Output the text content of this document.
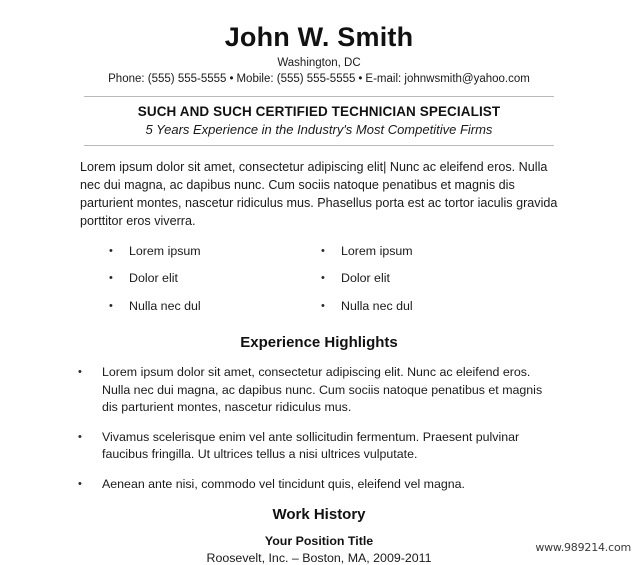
John W. Smith
Washington, DC
Phone: (555) 555-5555 • Mobile: (555) 555-5555 • E-mail: johnwsmith@yahoo.com
SUCH AND SUCH CERTIFIED TECHNICIAN SPECIALIST
5 Years Experience in the Industry's Most Competitive Firms
Lorem ipsum dolor sit amet, consectetur adipiscing elit| Nunc ac eleifend eros. Nulla nec dui magna, ac dapibus nunc. Cum sociis natoque penatibus et magnis dis parturient montes, nascetur ridiculus mus. Phasellus porta est ac tortor iaculis gravida porttitor eros viverra.
•	Lorem ipsum
•	Dolor elit
•	Nulla nec dul
•	Lorem ipsum
•	Dolor elit
•	Nulla nec dul
Experience Highlights
•	Lorem ipsum dolor sit amet, consectetur adipiscing elit. Nunc ac eleifend eros. Nulla nec dui magna, ac dapibus nunc. Cum sociis natoque penatibus et magnis dis parturient montes, nascetur ridiculus mus.
•	Vivamus scelerisque enim vel ante sollicitudin fermentum. Praesent pulvinar faucibus fringilla. Ut ultrices tellus a nisi ultrices vulputate.
•	Aenean ante nisi, commodo vel tincidunt quis, eleifend vel magna.
Work History
Your Position Title
Roosevelt, Inc. – Boston, MA, 2009-2011
www.989214.com
